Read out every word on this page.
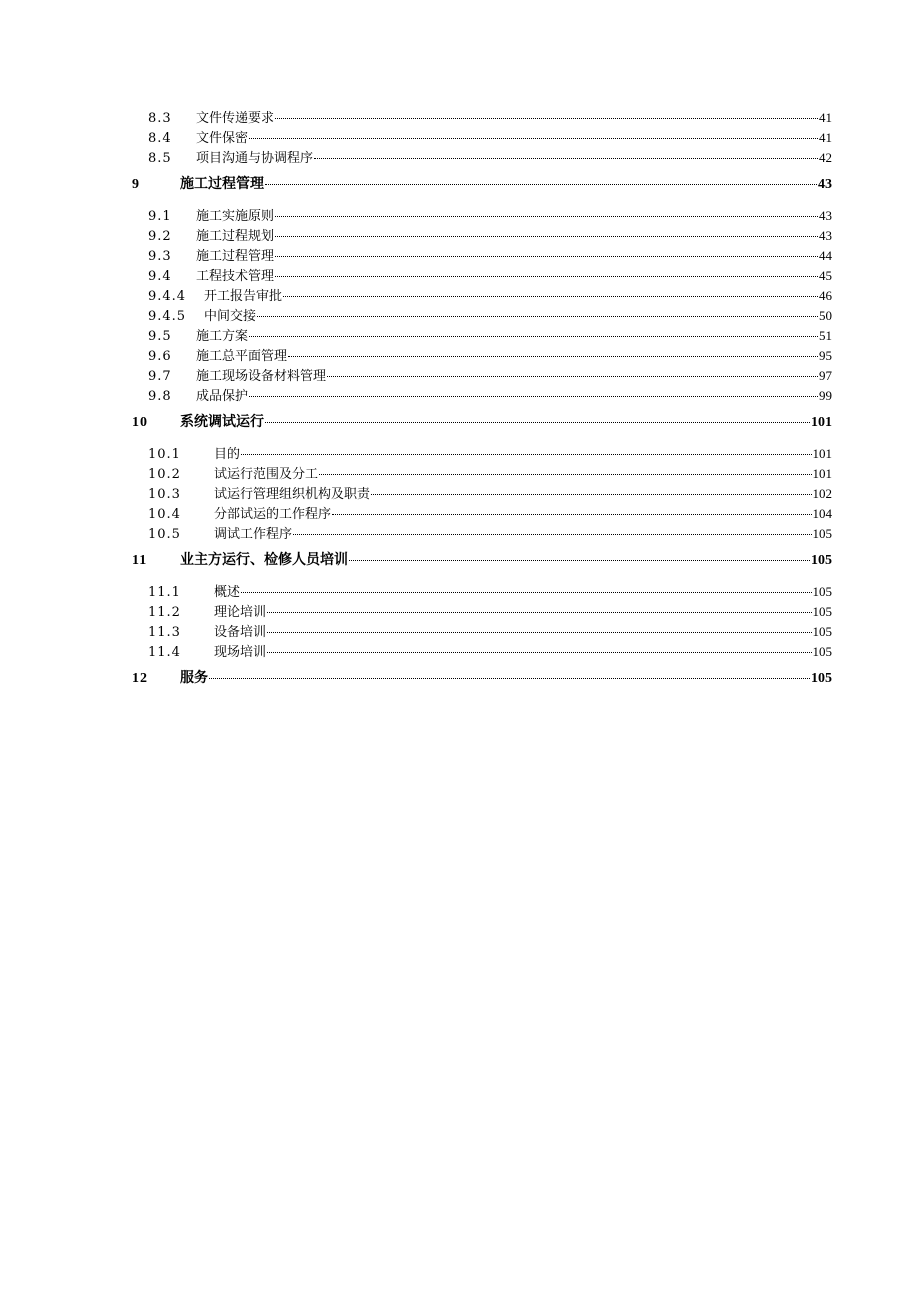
8.3	文件传递要求	41
8.4	文件保密	41
8.5	项目沟通与协调程序	42
9	施工过程管理	43
9.1	施工实施原则	43
9.2	施工过程规划	43
9.3	施工过程管理	44
9.4	工程技术管理	45
9.4.4	开工报告审批	46
9.4.5	中间交接	50
9.5	施工方案	51
9.6	施工总平面管理	95
9.7	施工现场设备材料管理	97
9.8	成品保护	99
10	系统调试运行	101
10.1	目的	101
10.2	试运行范围及分工	101
10.3	试运行管理组织机构及职责	102
10.4	分部试运的工作程序	104
10.5	调试工作程序	105
11	业主方运行、检修人员培训	105
11.1	概述	105
11.2	理论培训	105
11.3	设备培训	105
11.4	现场培训	105
12	服务	105
